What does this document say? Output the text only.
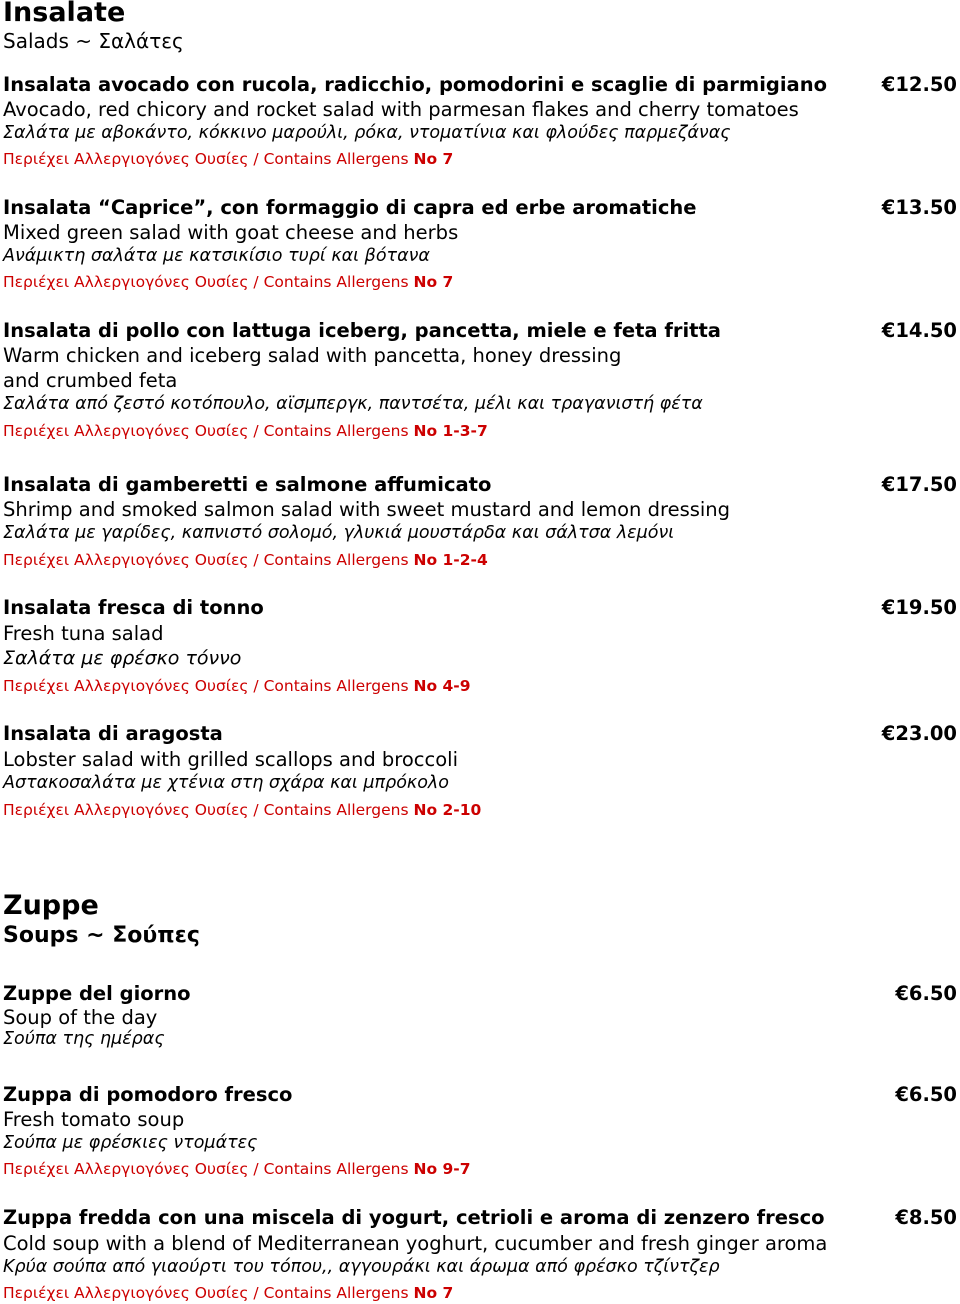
Insalate
Salads ~ Σαλάτες
Insalata avocado con rucola, radicchio, pomodorini e scaglie di parmigiano	€12.50
Avocado, red chicory and rocket salad with parmesan flakes and cherry tomatoes
Σαλάτα με αβοκάντο, κόκκινο μαρούλι, ρόκα, ντοματίνια και φλούδες παρμεζάνας
Περιέχει Αλλεργιογόνες Ουσίες / Contains Allergens No 7
Insalata “Caprice”, con formaggio di capra ed erbe aromatiche	€13.50
Mixed green salad with goat cheese and herbs
Ανάμικτη σαλάτα με κατσικίσιο τυρί και βότανα
Περιέχει Αλλεργιογόνες Ουσίες / Contains Allergens No 7
Insalata di pollo con lattuga iceberg, pancetta, miele e feta fritta	€14.50
Warm chicken and iceberg salad with pancetta, honey dressing and crumbed feta
Σαλάτα από ζεστό κοτόπουλο, αϊσμπεργκ, παντσέτα, μέλι και τραγανιστή φέτα
Περιέχει Αλλεργιογόνες Ουσίες / Contains Allergens No 1-3-7
Insalata di gamberetti e salmone affumicato	€17.50
Shrimp and smoked salmon salad with sweet mustard and lemon dressing
Σαλάτα με γαρίδες, καπνιστό σολομό, γλυκιά μουστάρδα και σάλτσα λεμόνι
Περιέχει Αλλεργιογόνες Ουσίες / Contains Allergens No 1-2-4
Insalata fresca di tonno	€19.50
Fresh tuna salad
Σαλάτα με φρέσκο τόννο
Περιέχει Αλλεργιογόνες Ουσίες / Contains Allergens No 4-9
Insalata di aragosta	€23.00
Lobster salad with grilled scallops and broccoli
Αστακοσαλάτα με χτένια στη σχάρα και μπρόκολο
Περιέχει Αλλεργιογόνες Ουσίες / Contains Allergens No 2-10
Zuppe
Soups ~ Σούπες
Zuppe del giorno	€6.50
Soup of the day
Σούπα της ημέρας
Zuppa di pomodoro fresco	€6.50
Fresh tomato soup
Σούπα με φρέσκιες ντομάτες
Περιέχει Αλλεργιογόνες Ουσίες / Contains Allergens No 9-7
Zuppa fredda con una miscela di yogurt, cetrioli e aroma di zenzero fresco	€8.50
Cold soup with a blend of Mediterranean yoghurt, cucumber and fresh ginger aroma
Κρύα σούπα από γιαούρτι του τόπου,, αγγουράκι και άρωμα από φρέσκο τζίντζερ
Περιέχει Αλλεργιογόνες Ουσίες / Contains Allergens No 7
